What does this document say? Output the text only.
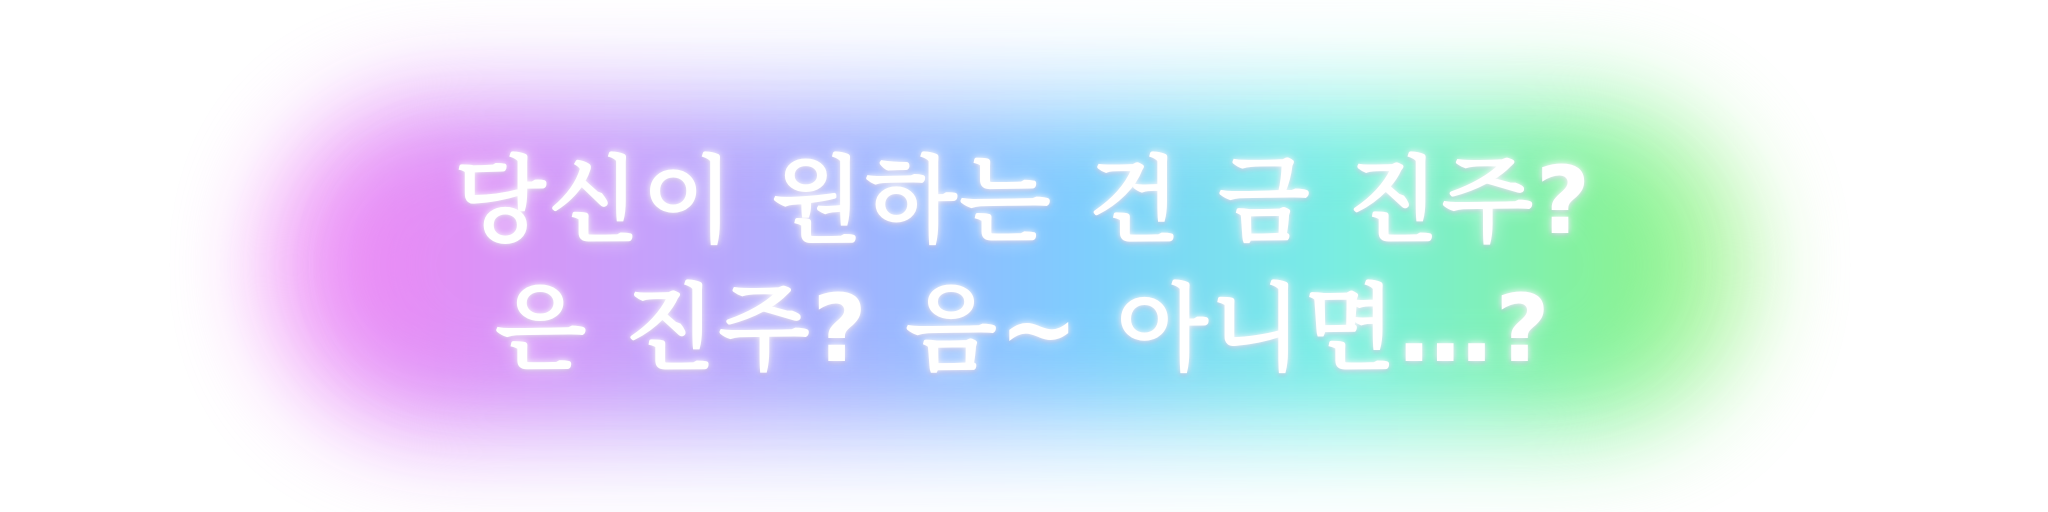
당신이 원하는 건 금 진주?
은 진주? 음~ 아니면…?
